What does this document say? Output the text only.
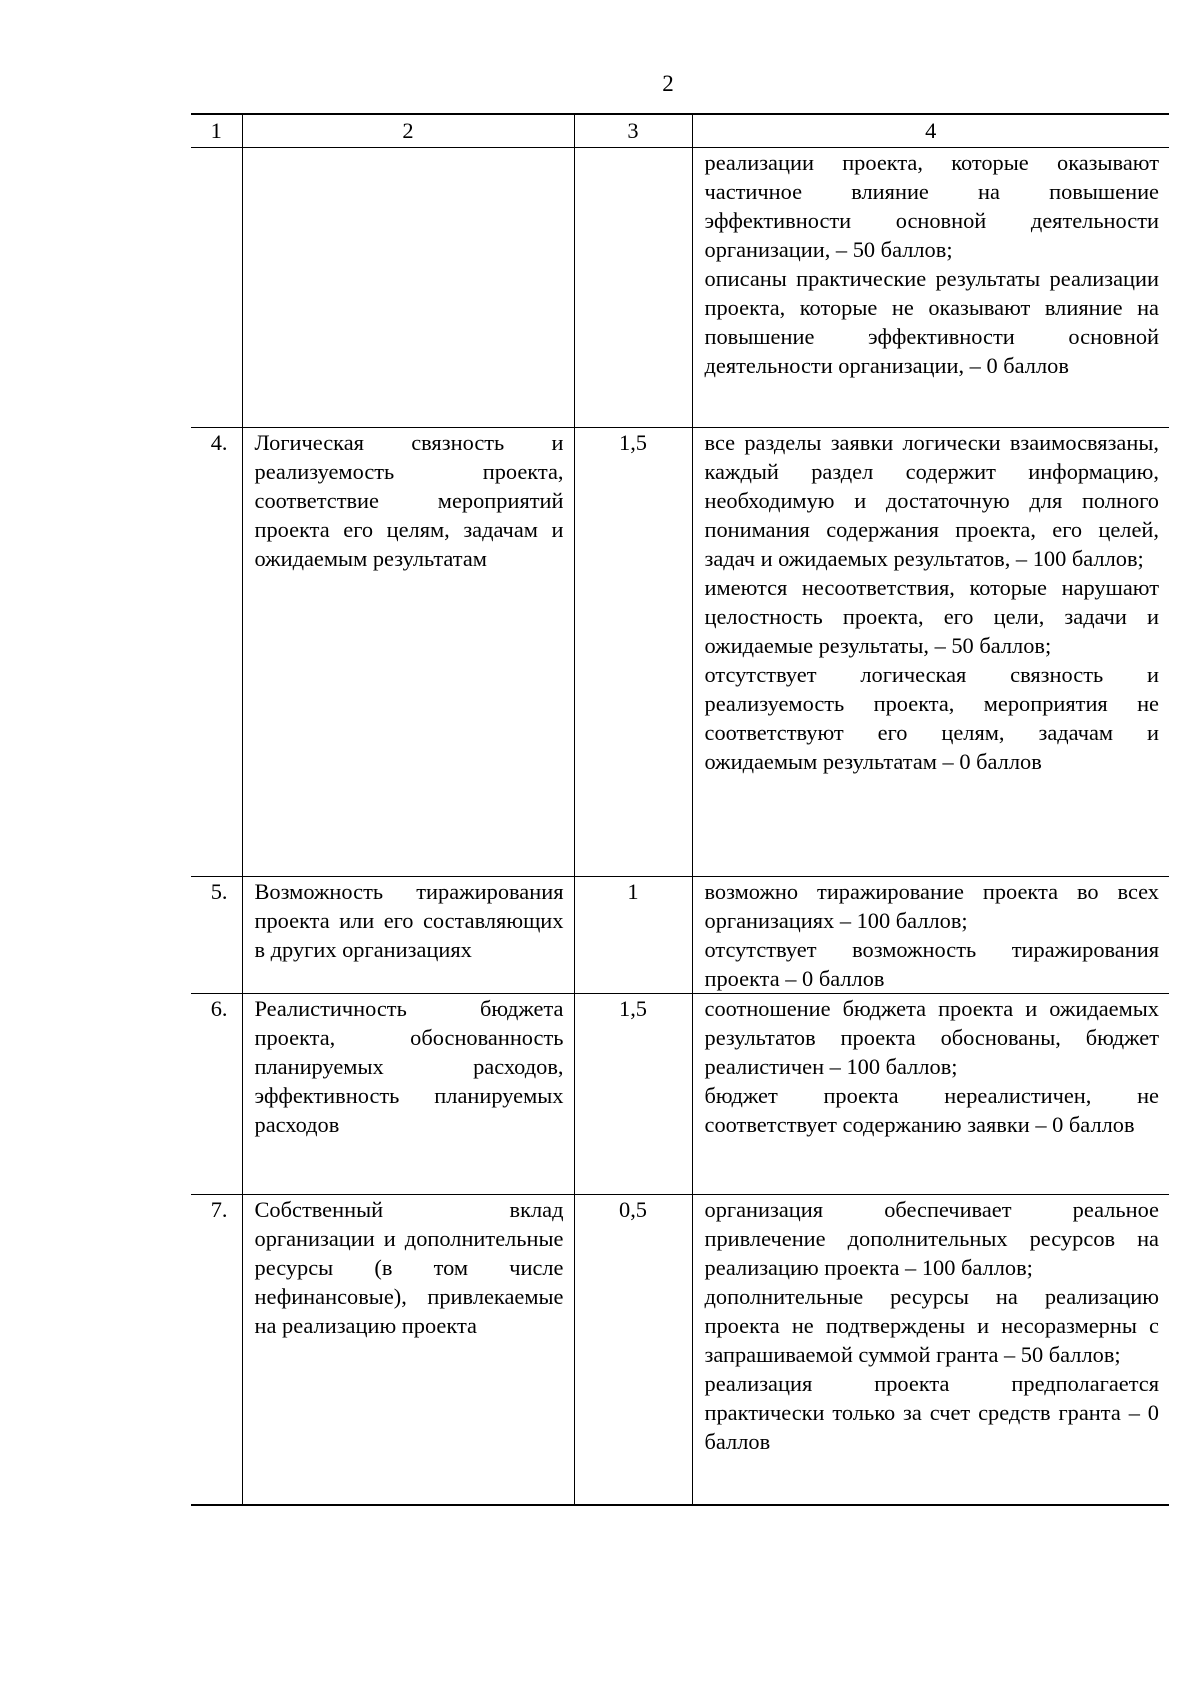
2
1	2	3	4

			реализации проекта, которые оказывают частичное влияние на повышение эффективности основной деятельности организации, – 50 баллов;

описаны практические результаты реализации проекта, которые не оказывают влияние на повышение эффективности основной деятельности организации, – 0 баллов

4.	Логическая связность и реализуемость проекта, соответствие мероприятий проекта его целям, задачам и ожидаемым результатам	1,5	все разделы заявки логически взаимосвязаны, каждый раздел содержит информацию, необходимую и достаточную для полного понимания содержания проекта, его целей, задач и ожидаемых результатов, – 100 баллов;

имеются несоответствия, которые нарушают целостность проекта, его цели, задачи и ожидаемые результаты, – 50 баллов;

отсутствует логическая связность и реализуемость проекта, мероприятия не соответствуют его целям, задачам и ожидаемым результатам – 0 баллов

5.	Возможность тиражирования проекта или его составляющих в других организациях	1	возможно тиражирование проекта во всех организациях – 100 баллов;

отсутствует возможность тиражирования проекта – 0 баллов

6.	Реалистичность бюджета проекта, обоснованность планируемых расходов, эффективность планируемых расходов	1,5	соотношение бюджета проекта и ожидаемых результатов проекта обоснованы, бюджет реалистичен – 100 баллов;

бюджет проекта нереалистичен, не соответствует содержанию заявки – 0 баллов

7.	Собственный вклад организации и дополнительные ресурсы (в том числе нефинансовые), привлекаемые на реализацию проекта	0,5	организация обеспечивает реальное привлечение дополнительных ресурсов на реализацию проекта – 100 баллов;

дополнительные ресурсы на реализацию проекта не подтверждены и несоразмерны с запрашиваемой суммой гранта – 50 баллов;

реализация проекта предполагается практически только за счет средств гранта – 0 баллов
